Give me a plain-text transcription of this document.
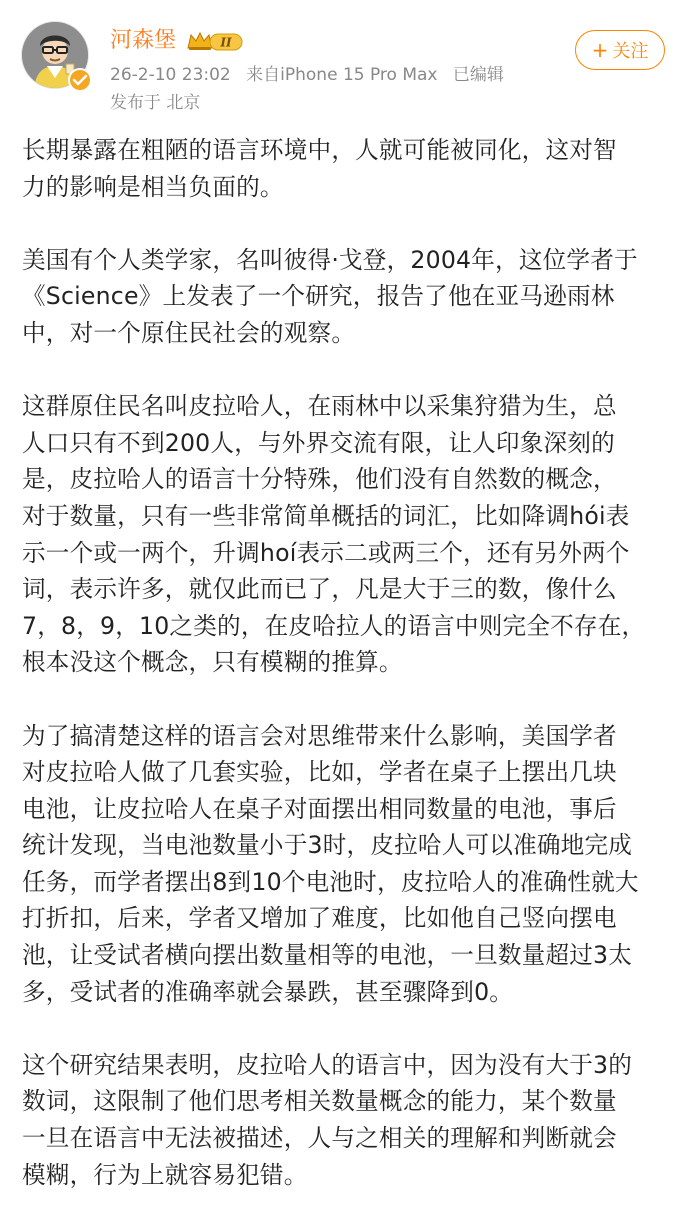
河森堡	II
26-2-10 23:02 来自iPhone 15 Pro Max 已编辑
发布于 北京
+ 关注

长期暴露在粗陋的语言环境中，人就可能被同化，这对智
力的影响是相当负面的。

美国有个人类学家，名叫彼得·戈登，2004年，这位学者于
《Science》上发表了一个研究，报告了他在亚马逊雨林
中，对一个原住民社会的观察。

这群原住民名叫皮拉哈人，在雨林中以采集狩猎为生，总
人口只有不到200人，与外界交流有限，让人印象深刻的
是，皮拉哈人的语言十分特殊，他们没有自然数的概念，
对于数量，只有一些非常简单概括的词汇，比如降调hói表
示一个或一两个，升调hoí表示二或两三个，还有另外两个
词，表示许多，就仅此而已了，凡是大于三的数，像什么
7，8，9，10之类的，在皮哈拉人的语言中则完全不存在，
根本没这个概念，只有模糊的推算。

为了搞清楚这样的语言会对思维带来什么影响，美国学者
对皮拉哈人做了几套实验，比如，学者在桌子上摆出几块
电池，让皮拉哈人在桌子对面摆出相同数量的电池，事后
统计发现，当电池数量小于3时，皮拉哈人可以准确地完成
任务，而学者摆出8到10个电池时，皮拉哈人的准确性就大
打折扣，后来，学者又增加了难度，比如他自己竖向摆电
池，让受试者横向摆出数量相等的电池，一旦数量超过3太
多，受试者的准确率就会暴跌，甚至骤降到0。

这个研究结果表明，皮拉哈人的语言中，因为没有大于3的
数词，这限制了他们思考相关数量概念的能力，某个数量
一旦在语言中无法被描述，人与之相关的理解和判断就会
模糊，行为上就容易犯错。
